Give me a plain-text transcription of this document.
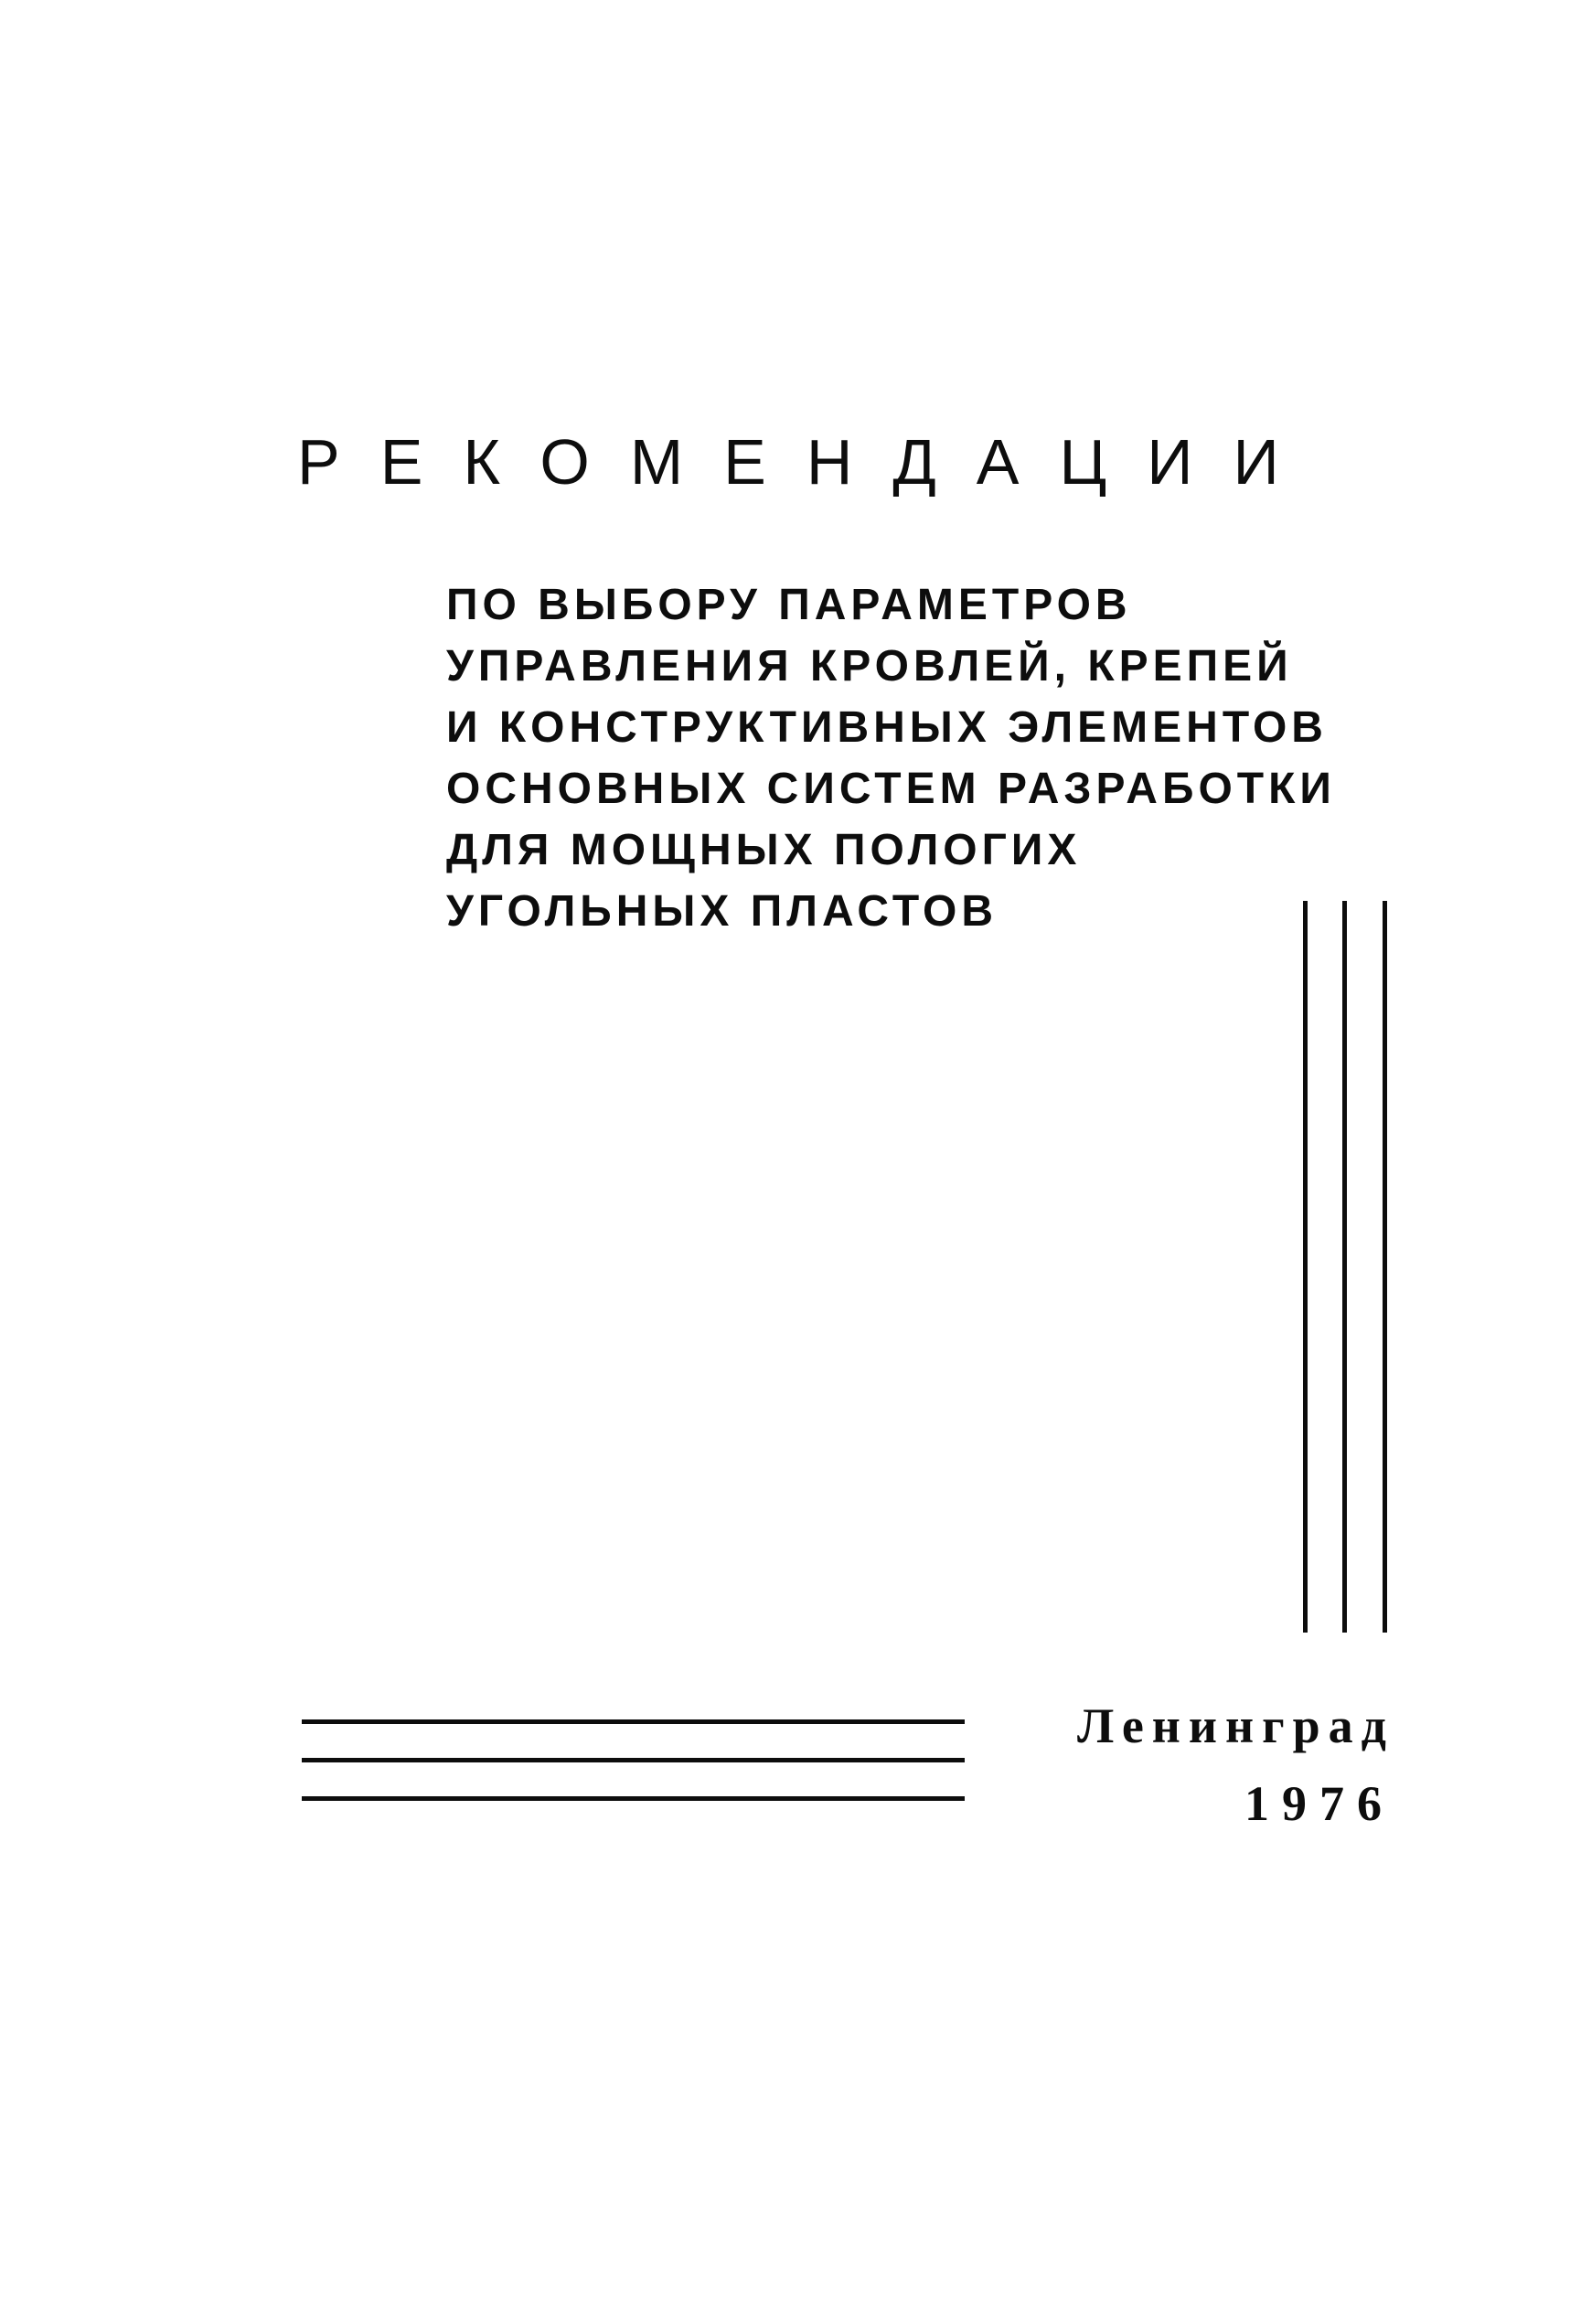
РЕКОМЕНДАЦИИ
ПО ВЫБОРУ ПАРАМЕТРОВ
УПРАВЛЕНИЯ КРОВЛЕЙ, КРЕПЕЙ
И КОНСТРУКТИВНЫХ ЭЛЕМЕНТОВ
ОСНОВНЫХ СИСТЕМ РАЗРАБОТКИ
ДЛЯ МОЩНЫХ ПОЛОГИХ
УГОЛЬНЫХ ПЛАСТОВ
Ленинград
1976
